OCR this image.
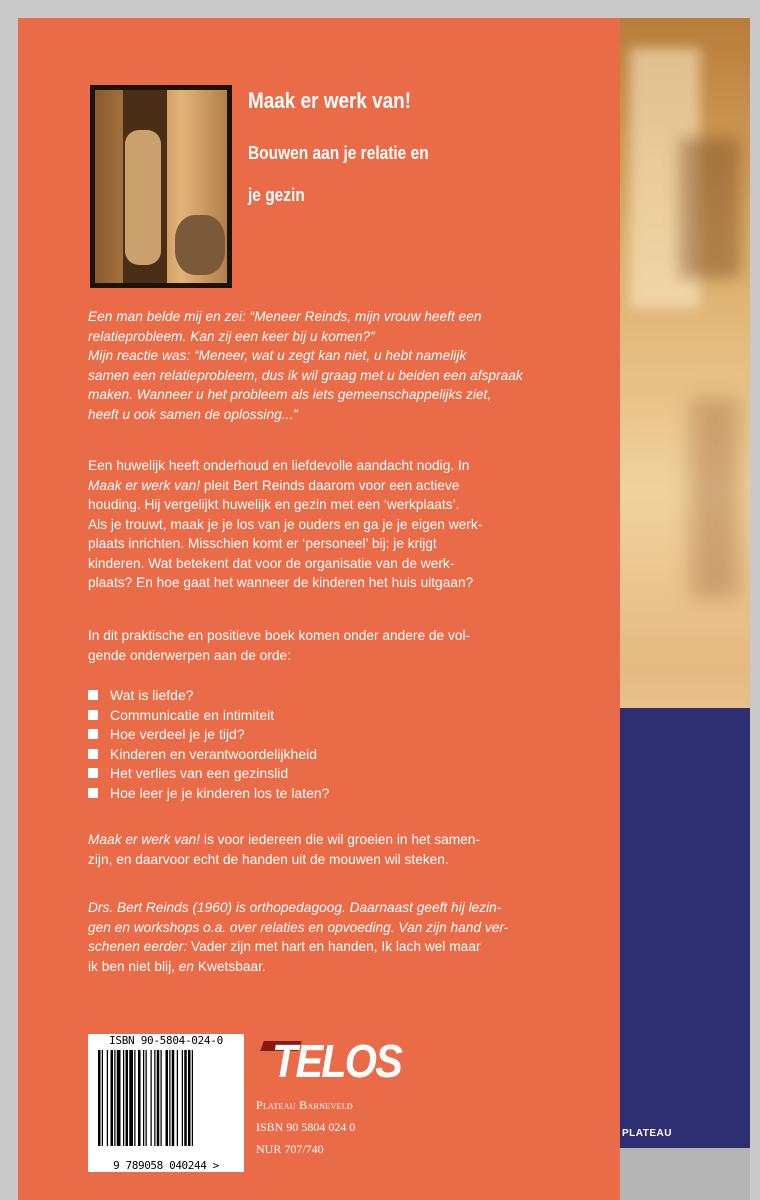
PLATEAU
Maak er werk van!
Bouwen aan je relatie en
je gezin
Een man belde mij en zei: “Meneer Reinds, mijn vrouw heeft een
relatieprobleem. Kan zij een keer bij u komen?”
Mijn reactie was: “Meneer, wat u zegt kan niet, u hebt namelijk
samen een relatieprobleem, dus ik wil graag met u beiden een afspraak
maken. Wanneer u het probleem als iets gemeenschappelijks ziet,
heeft u ook samen de oplossing...”
Een huwelijk heeft onderhoud en liefdevolle aandacht nodig. In
Maak er werk van! pleit Bert Reinds daarom voor een actieve
houding. Hij vergelijkt huwelijk en gezin met een ‘werkplaats’.
Als je trouwt, maak je je los van je ouders en ga je je eigen werk-
plaats inrichten. Misschien komt er ‘personeel’ bij: je krijgt
kinderen. Wat betekent dat voor de organisatie van de werk-
plaats? En hoe gaat het wanneer de kinderen het huis uitgaan?
In dit praktische en positieve boek komen onder andere de vol-
gende onderwerpen aan de orde:
Wat is liefde?
Communicatie en intimiteit
Hoe verdeel je je tijd?
Kinderen en verantwoordelijkheid
Het verlies van een gezinslid
Hoe leer je je kinderen los te laten?
Maak er werk van! is voor iedereen die wil groeien in het samen-
zijn, en daarvoor echt de handen uit de mouwen wil steken.
Drs. Bert Reinds (1960) is orthopedagoog. Daarnaast geeft hij lezin-
gen en workshops o.a. over relaties en opvoeding. Van zijn hand ver-
schenen eerder: Vader zijn met hart en handen, Ik lach wel maar
ik ben niet blij, en Kwetsbaar.
ISBN 90-5804-024-0
9 789058 040244 >
TELOS
Plateau Barneveld
ISBN 90 5804 024 0
NUR 707/740
